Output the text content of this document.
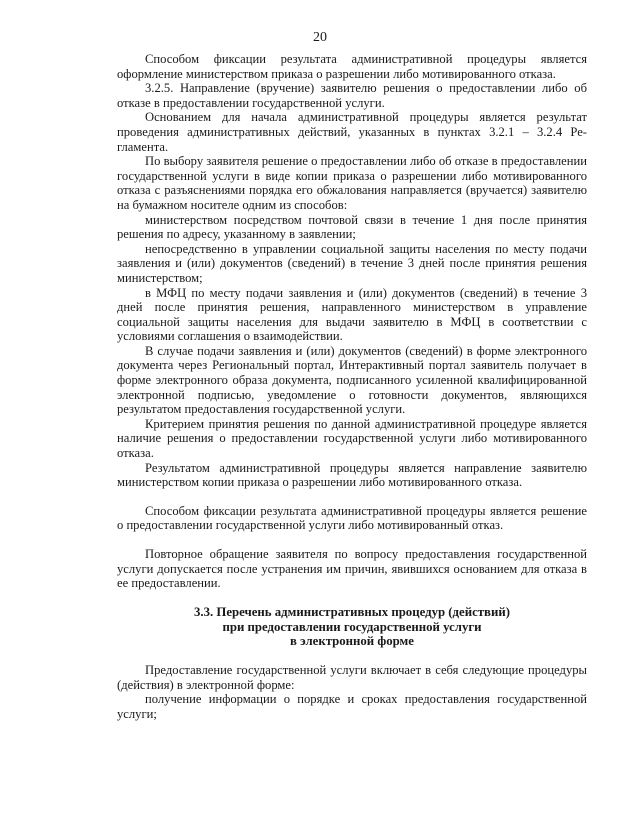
20

Способом фиксации результата административной процедуры является оформление министерством приказа о разрешении либо мотивированного отказа.

3.2.5. Направление (вручение) заявителю решения о предоставлении либо об отказе в предоставлении государственной услуги.

Основанием для начала административной процедуры является результат проведения административных действий, указанных в пунктах 3.2.1 – 3.2.4 Регламента.

По выбору заявителя решение о предоставлении либо об отказе в предоставлении государственной услуги в виде копии приказа о разрешении либо мотивированного отказа с разъяснениями порядка его обжалования направляется (вручается) заявителю на бумажном носителе одним из способов:

министерством посредством почтовой связи в течение 1 дня после принятия решения по адресу, указанному в заявлении;

непосредственно в управлении социальной защиты населения по месту подачи заявления и (или) документов (сведений) в течение 3 дней после принятия решения министерством;

в МФЦ по месту подачи заявления и (или) документов (сведений) в течение 3 дней после принятия решения, направленного министерством в управление социальной защиты населения для выдачи заявителю в МФЦ в соответствии с условиями соглашения о взаимодействии.

В случае подачи заявления и (или) документов (сведений) в форме электронного документа через Региональный портал, Интерактивный портал заявитель получает в форме электронного образа документа, подписанного усиленной квалифицированной электронной подписью, уведомление о готовности документов, являющихся результатом предоставления государственной услуги.

Критерием принятия решения по данной административной процедуре является наличие решения о предоставлении государственной услуги либо мотивированного отказа.

Результатом административной процедуры является направление заявителю министерством копии приказа о разрешении либо мотивированного отказа.

Способом фиксации результата административной процедуры является решение о предоставлении государственной услуги либо мотивированный отказ.

Повторное обращение заявителя по вопросу предоставления государственной услуги допускается после устранения им причин, явившихся основанием для отказа в ее предоставлении.

3.3. Перечень административных процедур (действий)
при предоставлении государственной услуги
в электронной форме

Предоставление государственной услуги включает в себя следующие процедуры (действия) в электронной форме:

получение информации о порядке и сроках предоставления государственной услуги;
